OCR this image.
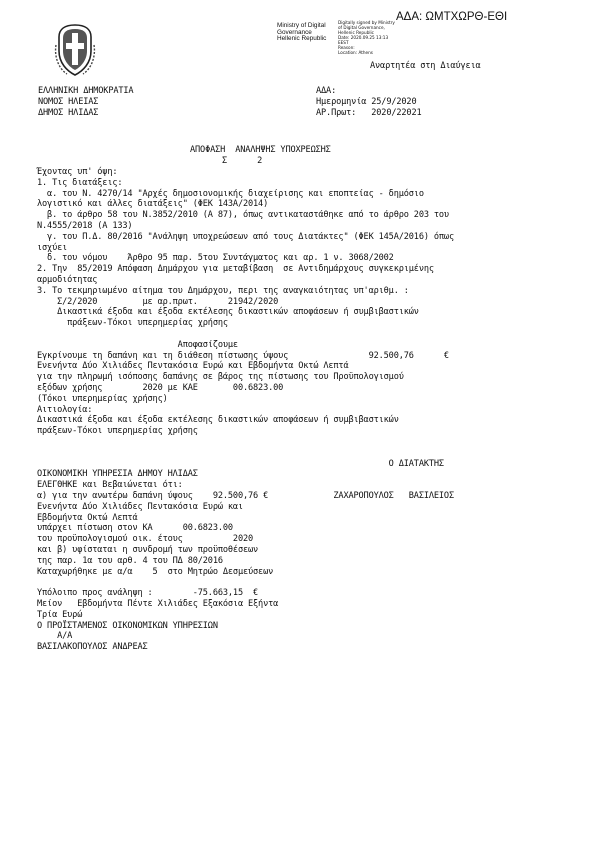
ΑΔΑ: ΩΜΤΧΩΡΘ-ΕΘΙ
Ministry of Digital
Governance
Hellenic Republic
Digitally signed by Ministry
of Digital Governance,
Hellenic Republic
Date: 2020.09.25 13:13
EEST
Reason:
Location: Athens
Αναρτητέα στη Διαύγεια
ΕΛΛΗΝΙΚΗ ΔΗΜΟΚΡΑΤΙΑ
ΝΟΜΟΣ ΗΛΕΙΑΣ
ΔΗΜΟΣ ΗΛΙΔΑΣ
ΑΔΑ:
Ημερομηνία 25/9/2020
ΑΡ.Πρωτ:   2020/22021
ΑΠΟΦΑΣΗ  ΑΝΑΛΗΨΗΣ ΥΠΟΧΡΕΩΣΗΣ
Σ      2
Έχοντας υπ' όψη:
1. Τις διατάξεις:
α. του Ν. 4270/14 "Αρχές δημοσιονομικής διαχείρισης και εποπτείας - δημόσιο
λογιστικό και άλλες διατάξεις" (ΦΕΚ 143Α/2014)
β. το άρθρο 58 του Ν.3852/2010 (Α 87), όπως αντικαταστάθηκε από το άρθρο 203 του
Ν.4555/2018 (Α 133)
γ. του Π.Δ. 80/2016 "Ανάληψη υποχρεώσεων από τους Διατάκτες" (ΦΕΚ 145Α/2016) όπως
ισχύει
δ. του νόμου    Άρθρο 95 παρ. 5του Συντάγματος και αρ. 1 ν. 3068/2002
2. Την  85/2019 Απόφαση Δημάρχου για μεταβίβαση  σε Αντιδημάρχους συγκεκριμένης
αρμοδιότητας
3. Το τεκμηριωμένο αίτημα του Δημάρχου, περι της αναγκαιότητας υπ'αριθμ. :
Σ/2/2020         με αρ.πρωτ.      21942/2020
Δικαστικά έξοδα και έξοδα εκτέλεσης δικαστικών αποφάσεων ή συμβιβαστικών
πράξεων-Τόκοι υπερημερίας χρήσης
Αποφασίζουμε
Εγκρίνουμε τη δαπάνη και τη διάθεση πίστωσης ύψους                92.500,76      €
Ενενήντα Δύο Χιλιάδες Πεντακόσια Ευρώ και Εβδομήντα Οκτώ Λεπτά
για την πληρωμή ισόποσης δαπάνης σε βάρος της πίστωσης του Προϋπολογισμού
εξόδων χρήσης        2020 με ΚΑΕ       00.6823.00
(Τόκοι υπερημερίας χρήσης)
Αιτιολογία:
Δικαστικά έξοδα και έξοδα εκτέλεσης δικαστικών αποφάσεων ή συμβιβαστικών
πράξεων-Τόκοι υπερημερίας χρήσης
Ο ΔΙΑΤΑΚΤΗΣ
ΟΙΚΟΝΟΜΙΚΗ ΥΠΗΡΕΣΙΑ ΔΗΜΟΥ ΗΛΙΔΑΣ
ΕΛΕΓΘΗΚΕ και Βεβαιώνεται ότι:
α) για την ανωτέρω δαπάνη ύψους    92.500,76 €             ΖΑΧΑΡΟΠΟΥΛΟΣ   ΒΑΣΙΛΕΙΟΣ
Ενενήντα Δύο Χιλιάδες Πεντακόσια Ευρώ και
Εβδομήντα Οκτώ Λεπτά
υπάρχει πίστωση στον ΚΑ      00.6823.00
του προϋπολογισμού οικ. έτους          2020
και β) υφίσταται η συνδρομή των προϋποθέσεων
της παρ. 1α του αρθ. 4 του ΠΔ 80/2016
Καταχωρήθηκε με α/α    5  στο Μητρώο Δεσμεύσεων
Υπόλοιπο προς ανάληψη :        -75.663,15  €
Μείον   Εβδομήντα Πέντε Χιλιάδες Εξακόσια Εξήντα
Τρία Ευρώ
Ο ΠΡΟΪΣΤΑΜΕΝΟΣ ΟΙΚΟΝΟΜΙΚΩΝ ΥΠΗΡΕΣΙΩΝ
Α/Α
ΒΑΣΙΛΑΚΟΠΟΥΛΟΣ ΑΝΔΡΕΑΣ
